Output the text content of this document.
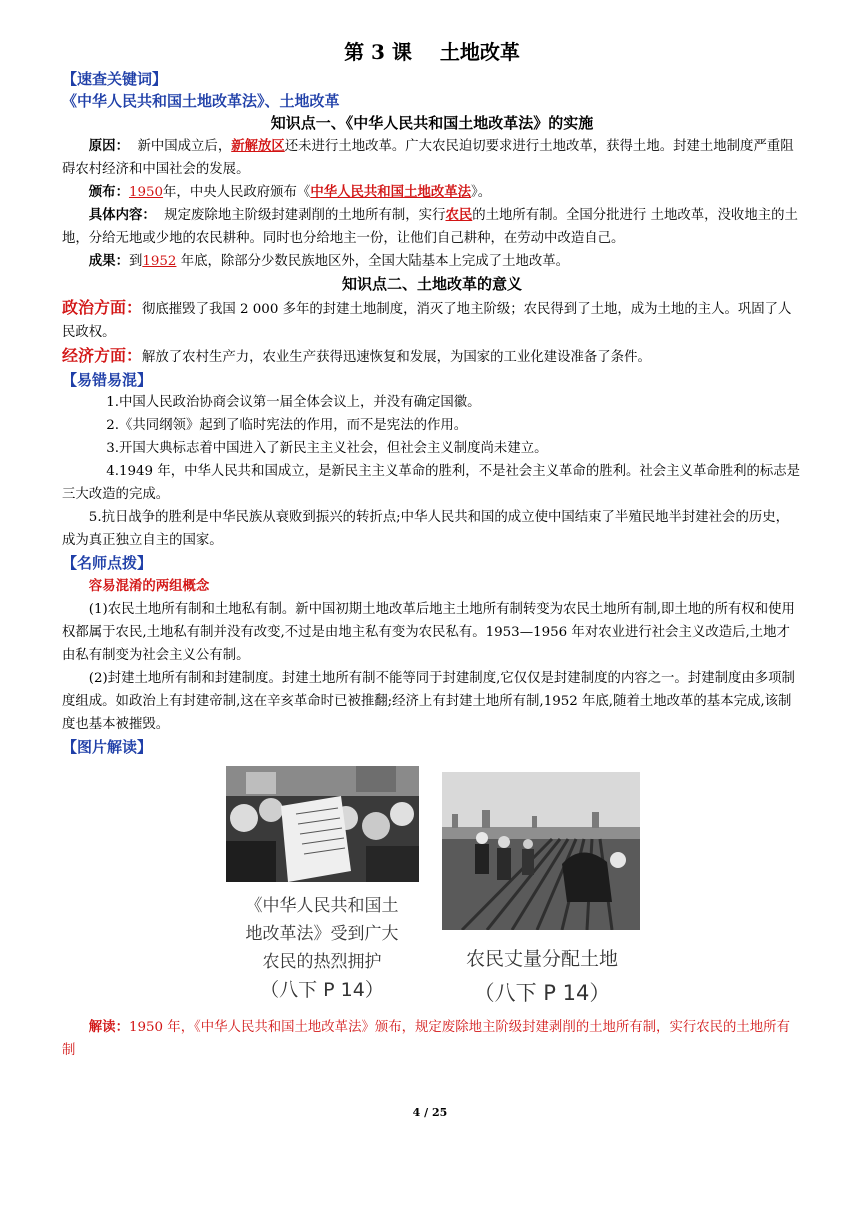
第 3 课 土地改革

【速查关键词】

《中华人民共和国土地改革法》、土地改革

知识点一、《中华人民共和国土地改革法》的实施

原因： 新中国成立后，新解放区还未进行土地改革。广大农民迫切要求进行土地改革，获得土地。封建土地制度严重阻碍农村经济和中国社会的发展。

颁布：1950年，中央人民政府颁布《中华人民共和国土地改革法》。

具体内容： 规定废除地主阶级封建剥削的土地所有制，实行农民的土地所有制。全国分批进行 土地改革，没收地主的土地，分给无地或少地的农民耕种。同时也分给地主一份，让他们自己耕种，在劳动中改造自己。

成果：到1952 年底，除部分少数民族地区外，全国大陆基本上完成了土地改革。

知识点二、土地改革的意义

政治方面：彻底摧毁了我国 2 000 多年的封建土地制度，消灭了地主阶级；农民得到了土地，成为土地的主人。巩固了人民政权。

经济方面：解放了农村生产力，农业生产获得迅速恢复和发展，为国家的工业化建设准备了条件。

【易错易混】

1.中国人民政治协商会议第一届全体会议上，并没有确定国徽。

2.《共同纲领》起到了临时宪法的作用，而不是宪法的作用。

3.开国大典标志着中国进入了新民主主义社会，但社会主义制度尚未建立。

4.1949 年，中华人民共和国成立，是新民主主义革命的胜利，不是社会主义革命的胜利。社会主义革命胜利的标志是三大改造的完成。

5.抗日战争的胜利是中华民族从衰败到振兴的转折点;中华人民共和国的成立使中国结束了半殖民地半封建社会的历史，成为真正独立自主的国家。

【名师点拨】

容易混淆的两组概念

(1)农民土地所有制和土地私有制。新中国初期土地改革后地主土地所有制转变为农民土地所有制,即土地的所有权和使用权都属于农民,土地私有制并没有改变,不过是由地主私有变为农民私有。1953—1956 年对农业进行社会主义改造后,土地才由私有制变为社会主义公有制。

(2)封建土地所有制和封建制度。封建土地所有制不能等同于封建制度,它仅仅是封建制度的内容之一。封建制度由多项制度组成。如政治上有封建帝制,这在辛亥革命时已被推翻;经济上有封建土地所有制,1952 年底,随着土地改革的基本完成,该制度也基本被摧毁。

【图片解读】

《中华人民共和国土
地改革法》受到广大
农民的热烈拥护
（八下 P 14）
农民丈量分配土地
（八下 P 14）

解读：1950 年，《中华人民共和国土地改革法》颁布，规定废除地主阶级封建剥削的土地所有制，实行农民的土地所有制

4 / 25
